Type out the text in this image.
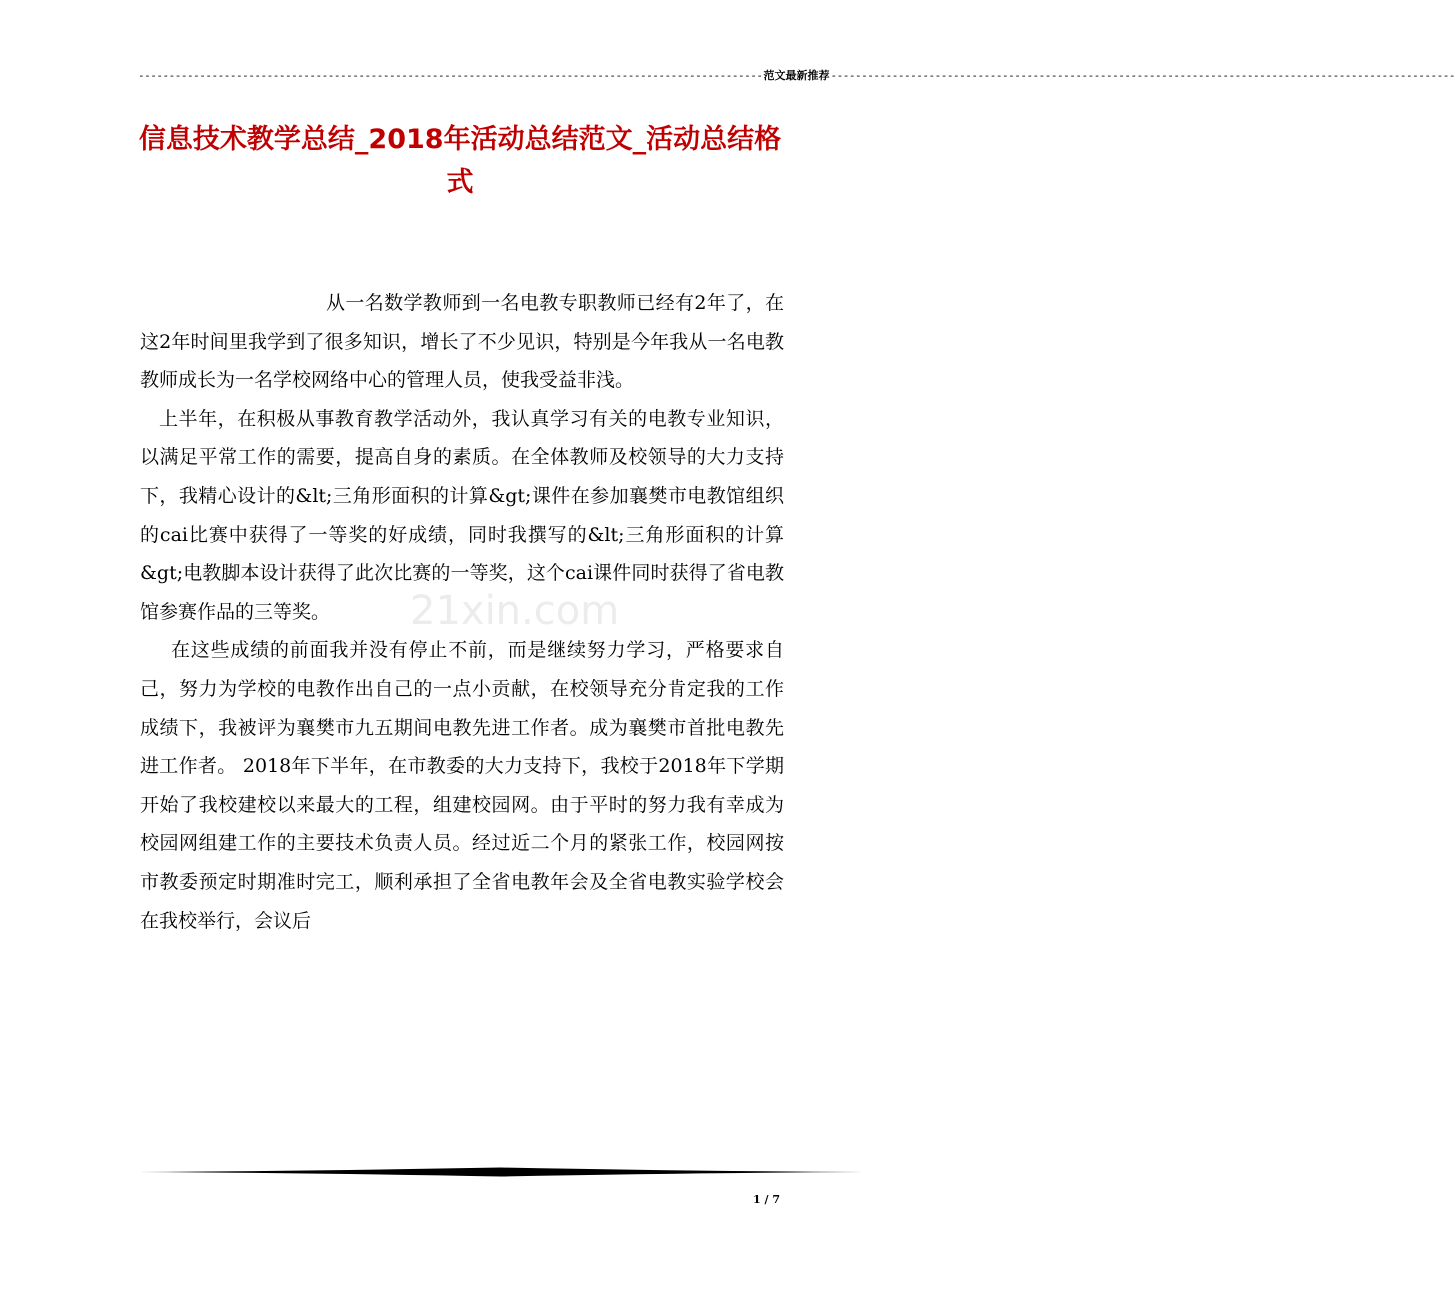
------------------------------------------------------------------------------------------------------ 范文最新推荐 ------------------------------------------------------------------------------------------------------
信息技术教学总结_2018年活动总结范文_活动总结格式
21xin.com

从一名数学教师到一名电教专职教师已经有2年了，在这2年时间里我学到了很多知识，增长了不少见识，特别是今年我从一名电教教师成长为一名学校网络中心的管理人员，使我受益非浅。

上半年，在积极从事教育教学活动外，我认真学习有关的电教专业知识，以满足平常工作的需要，提高自身的素质。在全体教师及校领导的大力支持下，我精心设计的&lt;三角形面积的计算&gt;课件在参加襄樊市电教馆组织的cai比赛中获得了一等奖的好成绩，同时我撰写的&lt;三角形面积的计算&gt;电教脚本设计获得了此次比赛的一等奖，这个cai课件同时获得了省电教馆参赛作品的三等奖。

在这些成绩的前面我并没有停止不前，而是继续努力学习，严格要求自己，努力为学校的电教作出自己的一点小贡献，在校领导充分肯定我的工作成绩下，我被评为襄樊市九五期间电教先进工作者。成为襄樊市首批电教先进工作者。 2018年下半年，在市教委的大力支持下，我校于2018年下学期开始了我校建校以来最大的工程，组建校园网。由于平时的努力我有幸成为校园网组建工作的主要技术负责人员。经过近二个月的紧张工作，校园网按市教委预定时期准时完工，顺利承担了全省电教年会及全省电教实验学校会在我校举行，会议后

1 / 7
